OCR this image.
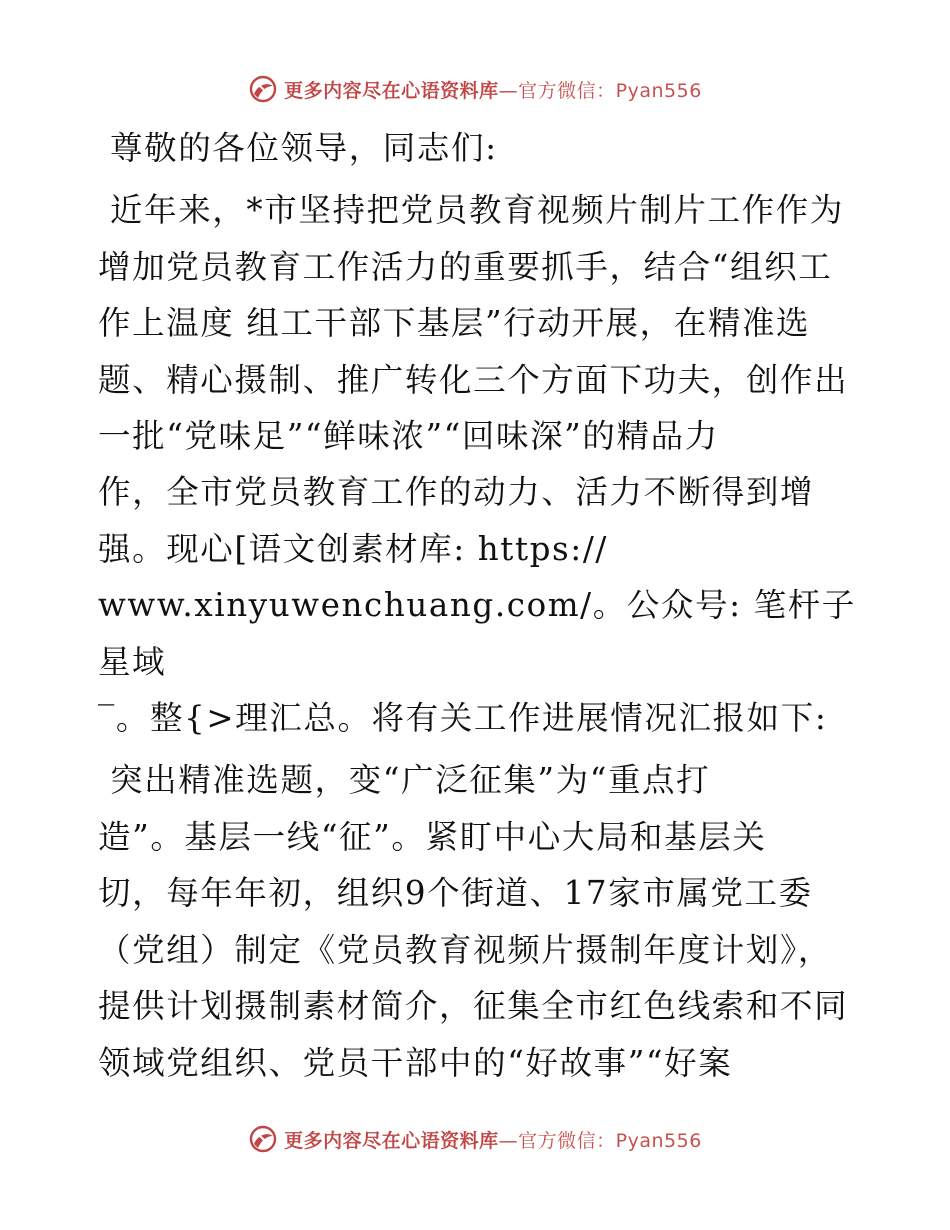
更多内容尽在心语资料库—官方微信：Pyan556

尊敬的各位领导，同志们:

近年来，*市坚持把党员教育视频片制片工作作为

增加党员教育工作活力的重要抓手，结合“组织工

作上温度 组工干部下基层”行动开展，在精准选

题、精心摄制、推广转化三个方面下功夫，创作出

一批“党味足”“鲜味浓”“回味深”的精品力

作，全市党员教育工作的动力、活力不断得到增

强。现心[语文创素材库: https://

www.xinyuwenchuang.com/。公众号: 笔杆子星域

‾。整{>理汇总。将有关工作进展情况汇报如下:

突出精准选题，变“广泛征集”为“重点打

造”。基层一线“征”。紧盯中心大局和基层关

切，每年年初，组织9个街道、17家市属党工委

（党组）制定《党员教育视频片摄制年度计划》，

提供计划摄制素材简介，征集全市红色线索和不同

领域党组织、党员干部中的“好故事”“好案

更多内容尽在心语资料库—官方微信：Pyan556
